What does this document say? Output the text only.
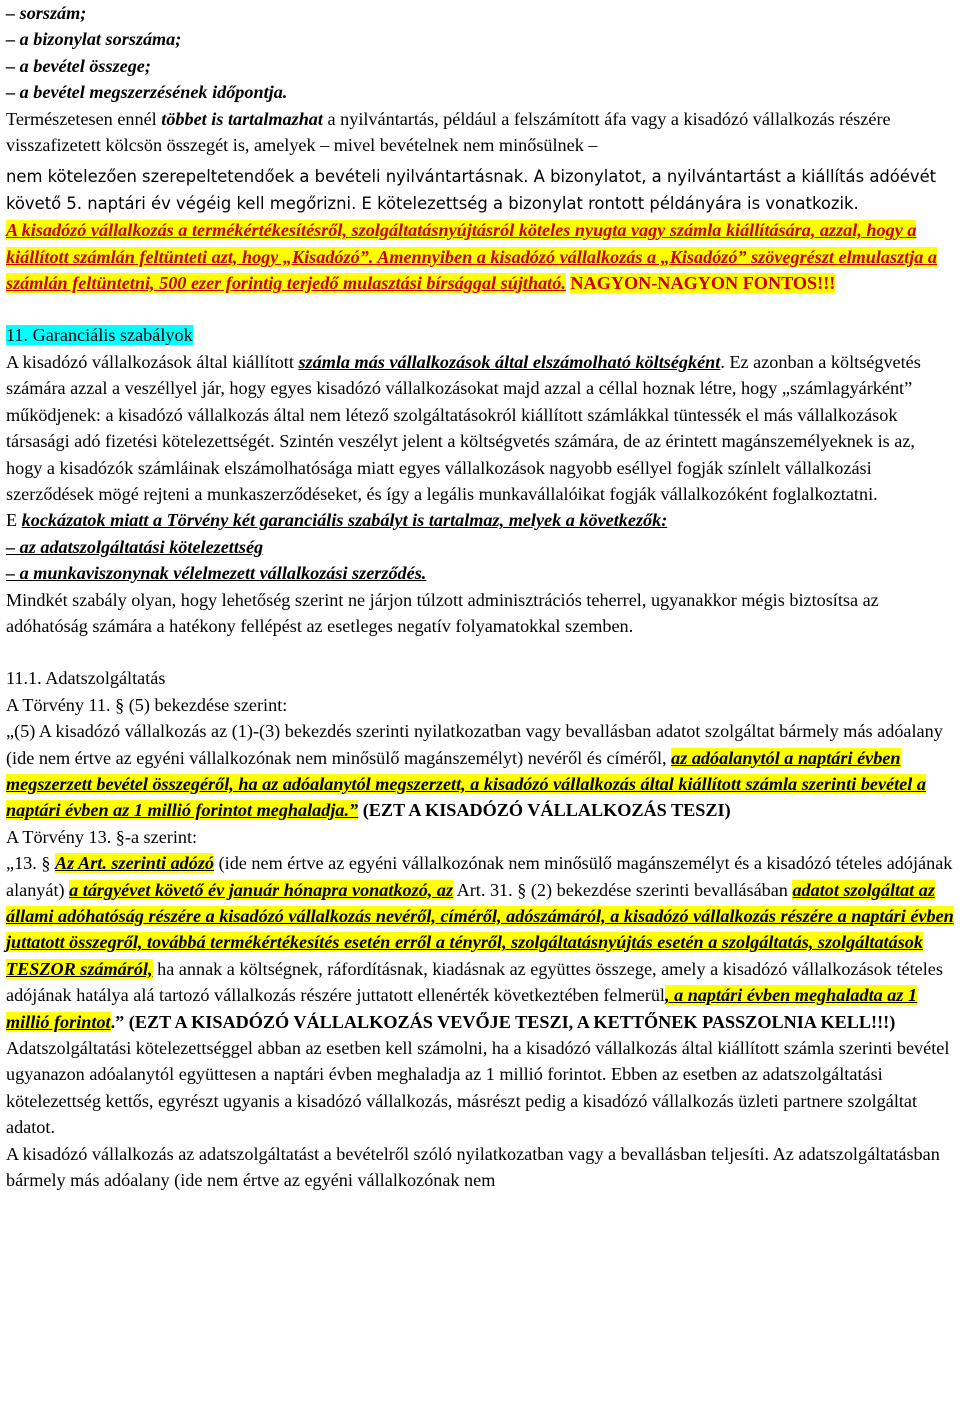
– sorszám;

– a bizonylat sorszáma;

– a bevétel összege;

– a bevétel megszerzésének időpontja.

Természetesen ennél többet is tartalmazhat a nyilvántartás, például a felszámított áfa vagy a kisadózó vállalkozás részére visszafizetett kölcsön összegét is, amelyek – mivel bevételnek nem minősülnek –

nem kötelezően szerepeltetendőek a bevételi nyilvántartásnak. A bizonylatot, a nyilvántartást a kiállítás adóévét követő 5. naptári év végéig kell megőrizni. E kötelezettség a bizonylat rontott példányára is vonatkozik.

A kisadózó vállalkozás a termékértékesítésről, szolgáltatásnyújtásról köteles nyugta vagy számla kiállítására, azzal, hogy a kiállított számlán feltünteti azt, hogy „Kisadózó”. Amennyiben a kisadózó vállalkozás a „Kisadózó” szövegrészt elmulasztja a számlán feltüntetni, 500 ezer forintig terjedő mulasztási bírsággal sújtható. NAGYON-NAGYON FONTOS!!!

11. Garanciális szabályok

A kisadózó vállalkozások által kiállított számla más vállalkozások által elszámolható költségként. Ez azonban a költségvetés számára azzal a veszéllyel jár, hogy egyes kisadózó vállalkozásokat majd azzal a céllal hoznak létre, hogy „számlagyárként” működjenek: a kisadózó vállalkozás által nem létező szolgáltatásokról kiállított számlákkal tüntessék el más vállalkozások társasági adó fizetési kötelezettségét. Szintén veszélyt jelent a költségvetés számára, de az érintett magánszemélyeknek is az, hogy a kisadózók számláinak elszámolhatósága miatt egyes vállalkozások nagyobb eséllyel fogják színlelt vállalkozási szerződések mögé rejteni a munkaszerződéseket, és így a legális munkavállalóikat fogják vállalkozóként foglalkoztatni.

E kockázatok miatt a Törvény két garanciális szabályt is tartalmaz, melyek a következők:

– az adatszolgáltatási kötelezettség

– a munkaviszonynak vélelmezett vállalkozási szerződés.

Mindkét szabály olyan, hogy lehetőség szerint ne járjon túlzott adminisztrációs teherrel, ugyanakkor mégis biztosítsa az adóhatóság számára a hatékony fellépést az esetleges negatív folyamatokkal szemben.

11.1. Adatszolgáltatás

A Törvény 11. § (5) bekezdése szerint:

„(5) A kisadózó vállalkozás az (1)-(3) bekezdés szerinti nyilatkozatban vagy bevallásban adatot szolgáltat bármely más adóalany (ide nem értve az egyéni vállalkozónak nem minősülő magánszemélyt) nevéről és címéről, az adóalanytól a naptári évben megszerzett bevétel összegéről, ha az adóalanytól megszerzett, a kisadózó vállalkozás által kiállított számla szerinti bevétel a naptári évben az 1 millió forintot meghaladja.” (EZT A KISADÓZÓ VÁLLALKOZÁS TESZI)

A Törvény 13. §-a szerint:

„13. § Az Art. szerinti adózó (ide nem értve az egyéni vállalkozónak nem minősülő magánszemélyt és a kisadózó tételes adójának alanyát) a tárgyévet követő év január hónapra vonatkozó, az Art. 31. § (2) bekezdése szerinti bevallásában adatot szolgáltat az állami adóhatóság részére a kisadózó vállalkozás nevéről, címéről, adószámáról, a kisadózó vállalkozás részére a naptári évben juttatott összegről, továbbá termékértékesítés esetén erről a tényről, szolgáltatásnyújtás esetén a szolgáltatás, szolgáltatások TESZOR számáról, ha annak a költségnek, ráfordításnak, kiadásnak az együttes összege, amely a kisadózó vállalkozások tételes adójának hatálya alá tartozó vállalkozás részére juttatott ellenérték következtében felmerül, a naptári évben meghaladta az 1 millió forintot.” (EZT A KISADÓZÓ VÁLLALKOZÁS VEVŐJE TESZI, A KETTŐNEK PASSZOLNIA KELL!!!)

Adatszolgáltatási kötelezettséggel abban az esetben kell számolni, ha a kisadózó vállalkozás által kiállított számla szerinti bevétel ugyanazon adóalanytól együttesen a naptári évben meghaladja az 1 millió forintot. Ebben az esetben az adatszolgáltatási kötelezettség kettős, egyrészt ugyanis a kisadózó vállalkozás, másrészt pedig a kisadózó vállalkozás üzleti partnere szolgáltat adatot.

A kisadózó vállalkozás az adatszolgáltatást a bevételről szóló nyilatkozatban vagy a bevallásban teljesíti. Az adatszolgáltatásban bármely más adóalany (ide nem értve az egyéni vállalkozónak nem
